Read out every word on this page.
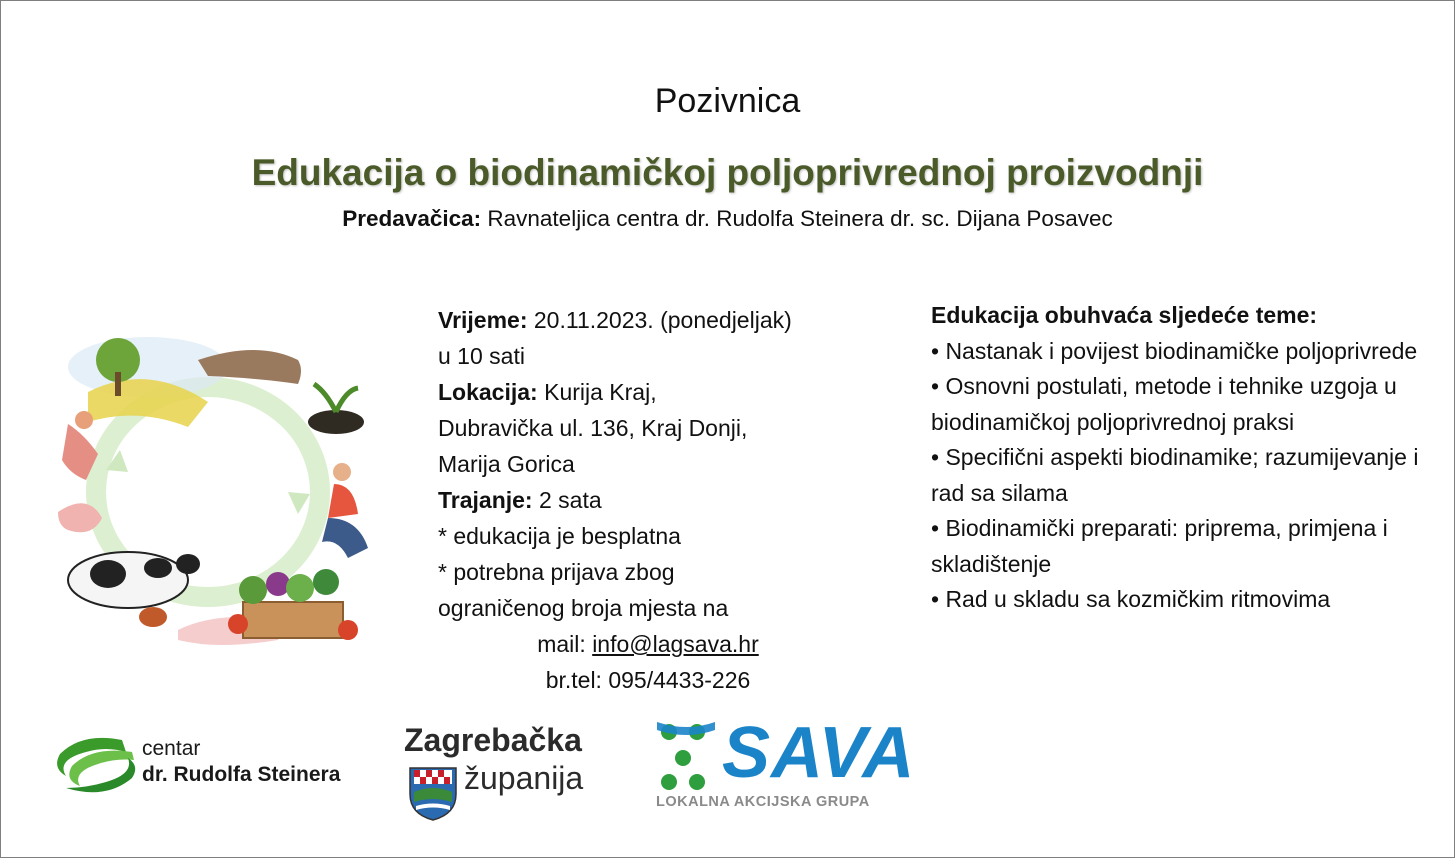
Pozivnica
Edukacija o biodinamičkoj poljoprivrednoj proizvodnji
Predavačica: Ravnateljica centra dr. Rudolfa Steinera dr. sc. Dijana Posavec
Vrijeme: 20.11.2023. (ponedjeljak)
u 10 sati
Lokacija: Kurija Kraj,
Dubravička ul. 136, Kraj Donji,
Marija Gorica
Trajanje: 2 sata
* edukacija je besplatna
* potrebna prijava zbog
ograničenog broja mjesta na
mail: info@lagsava.hr
br.tel: 095/4433-226
Edukacija obuhvaća sljedeće teme:
• Nastanak i povijest biodinamičke poljoprivrede
• Osnovni postulati, metode i tehnike uzgoja u biodinamičkoj poljoprivrednoj praksi
• Specifični aspekti biodinamike; razumijevanje i rad sa silama
• Biodinamički preparati: priprema, primjena i skladištenje
• Rad u skladu sa kozmičkim ritmovima
centar
dr. Rudolfa Steinera
Zagrebačka
županija SAVA
LOKALNA AKCIJSKA GRUPA
